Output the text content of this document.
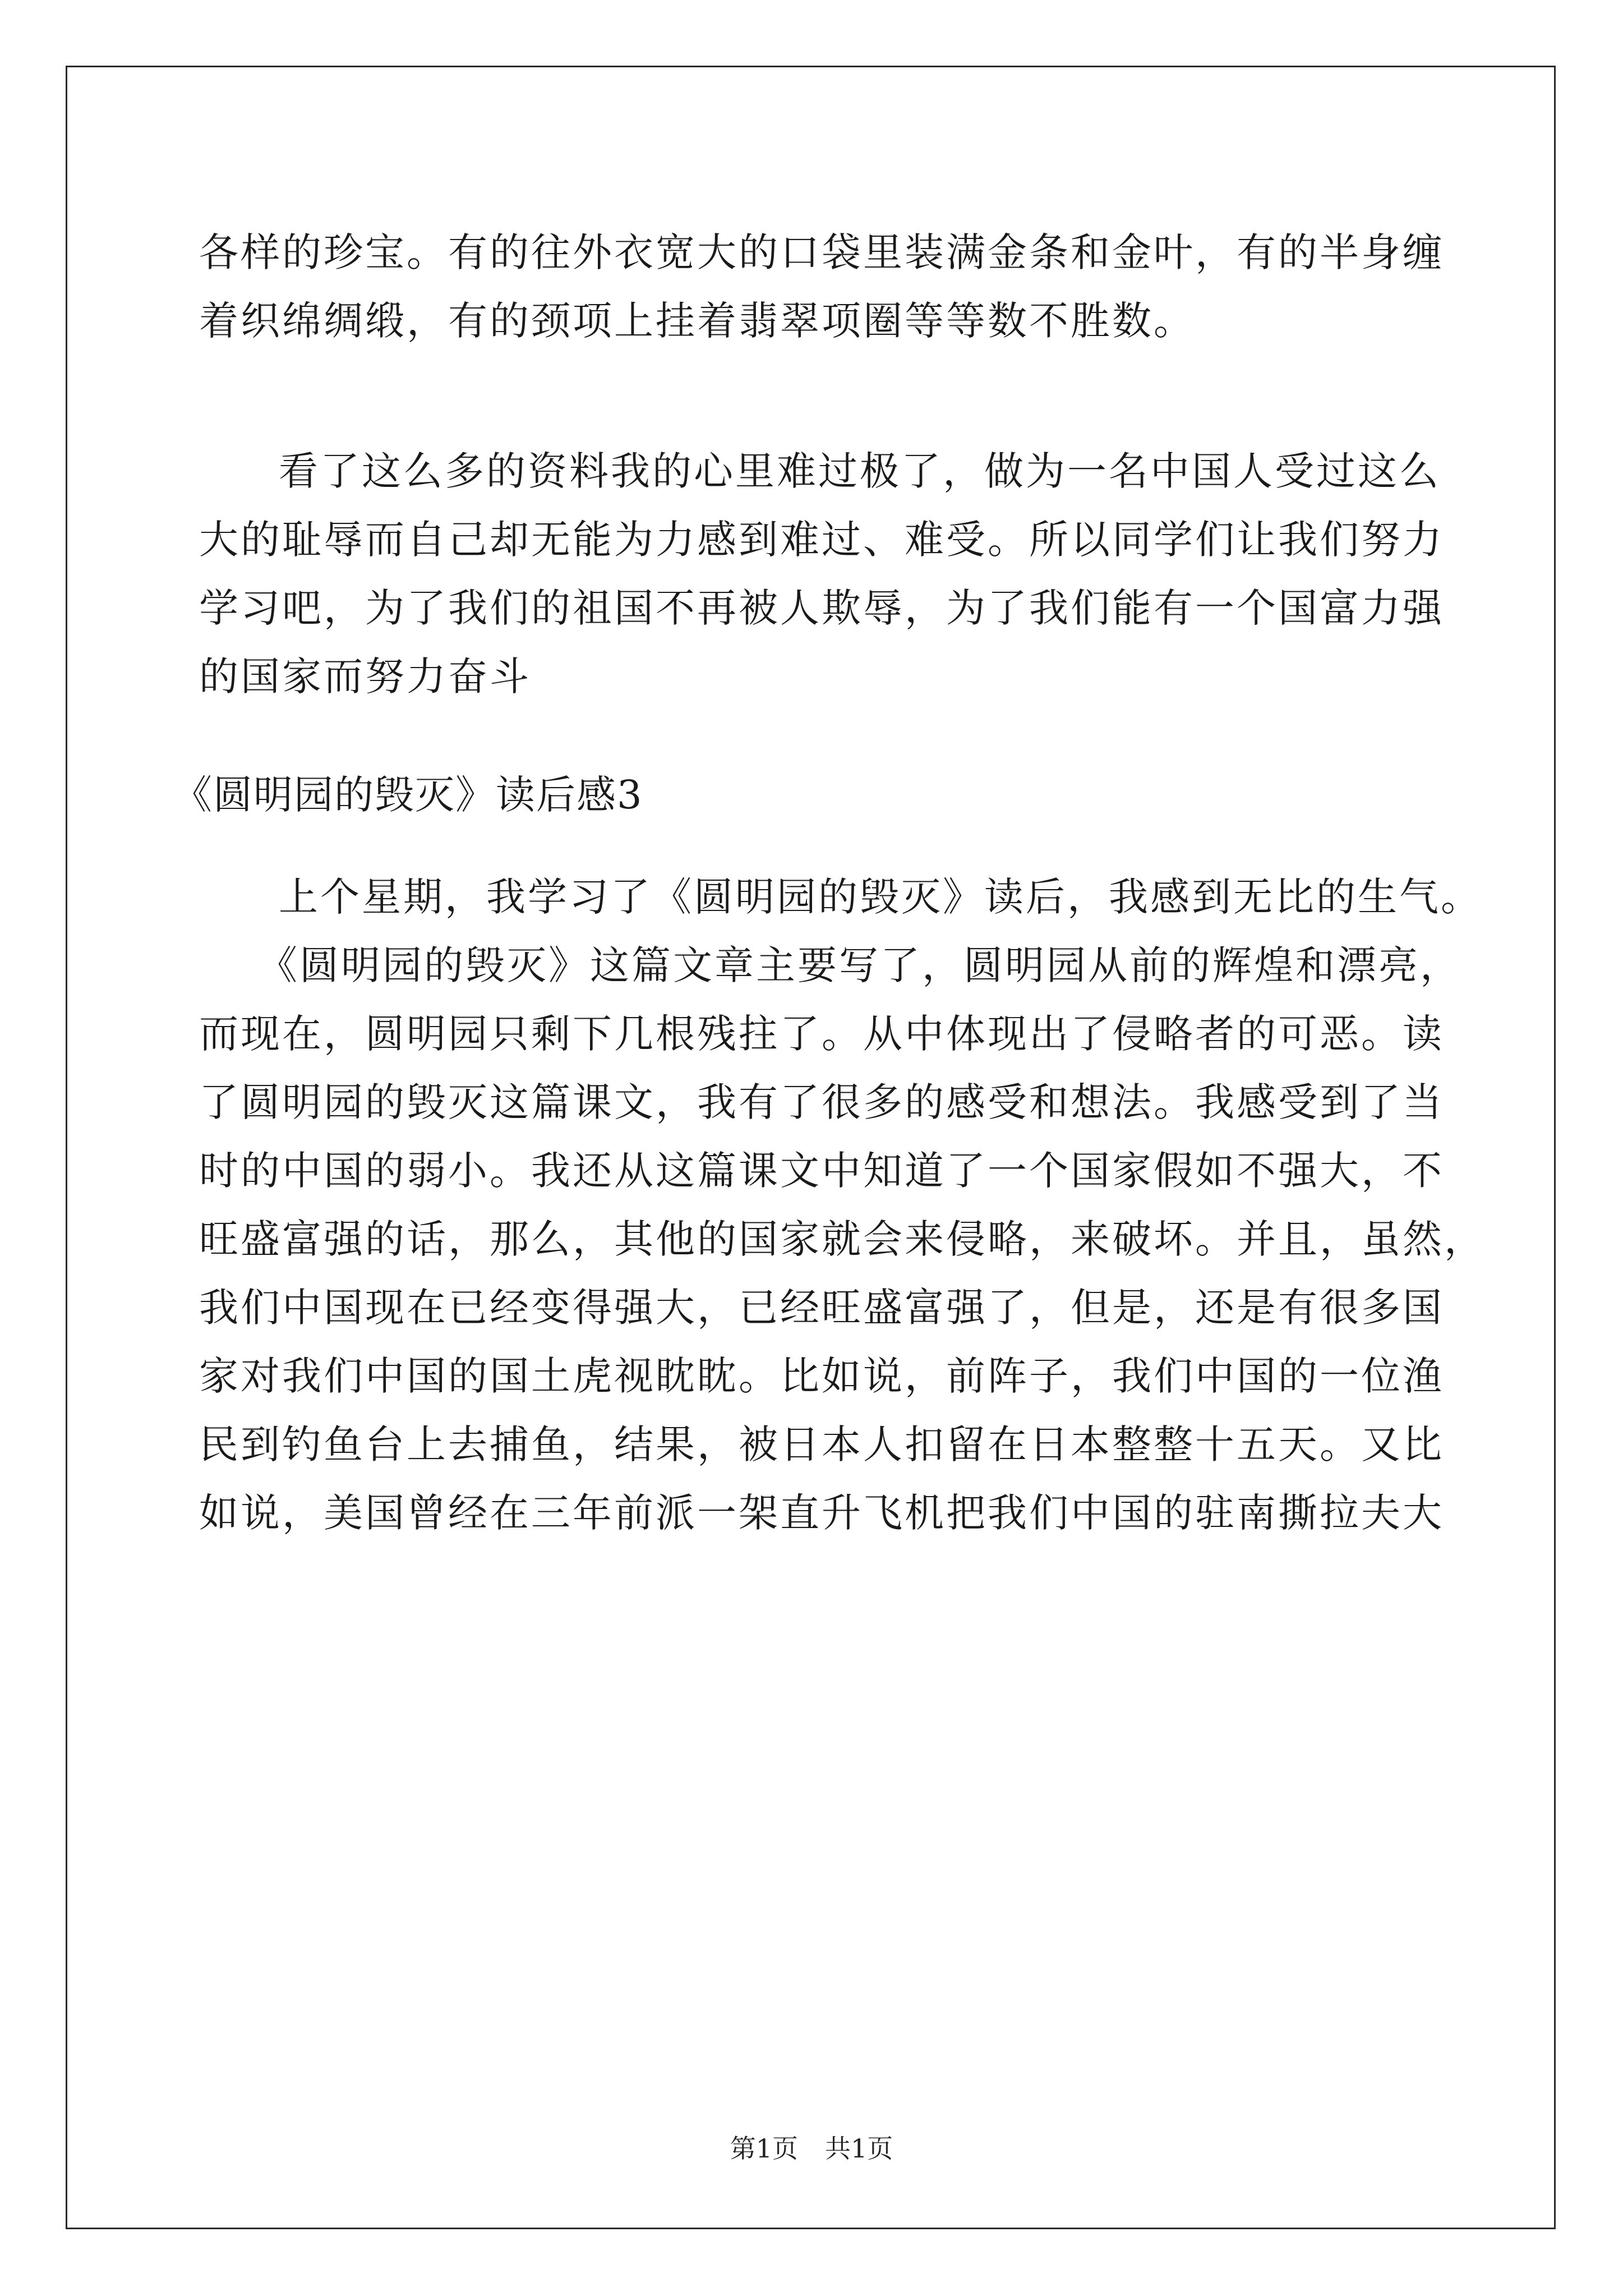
各样的珍宝。有的往外衣宽大的口袋里装满金条和金叶，有的半身缠
着织绵绸缎，有的颈项上挂着翡翠项圈等等数不胜数。
看了这么多的资料我的心里难过极了，做为一名中国人受过这么
大的耻辱而自己却无能为力感到难过、难受。所以同学们让我们努力
学习吧，为了我们的祖国不再被人欺辱，为了我们能有一个国富力强
的国家而努力奋斗
《圆明园的毁灭》读后感3
上个星期，我学习了《圆明园的毁灭》读后，我感到无比的生气。
《圆明园的毁灭》这篇文章主要写了，圆明园从前的辉煌和漂亮，
而现在，圆明园只剩下几根残拄了。从中体现出了侵略者的可恶。读
了圆明园的毁灭这篇课文，我有了很多的感受和想法。我感受到了当
时的中国的弱小。我还从这篇课文中知道了一个国家假如不强大，不
旺盛富强的话，那么，其他的国家就会来侵略，来破坏。并且，虽然，
我们中国现在已经变得强大，已经旺盛富强了，但是，还是有很多国
家对我们中国的国土虎视眈眈。比如说，前阵子，我们中国的一位渔
民到钓鱼台上去捕鱼，结果，被日本人扣留在日本整整十五天。又比
如说，美国曾经在三年前派一架直升飞机把我们中国的驻南撕拉夫大
第1页 共1页
